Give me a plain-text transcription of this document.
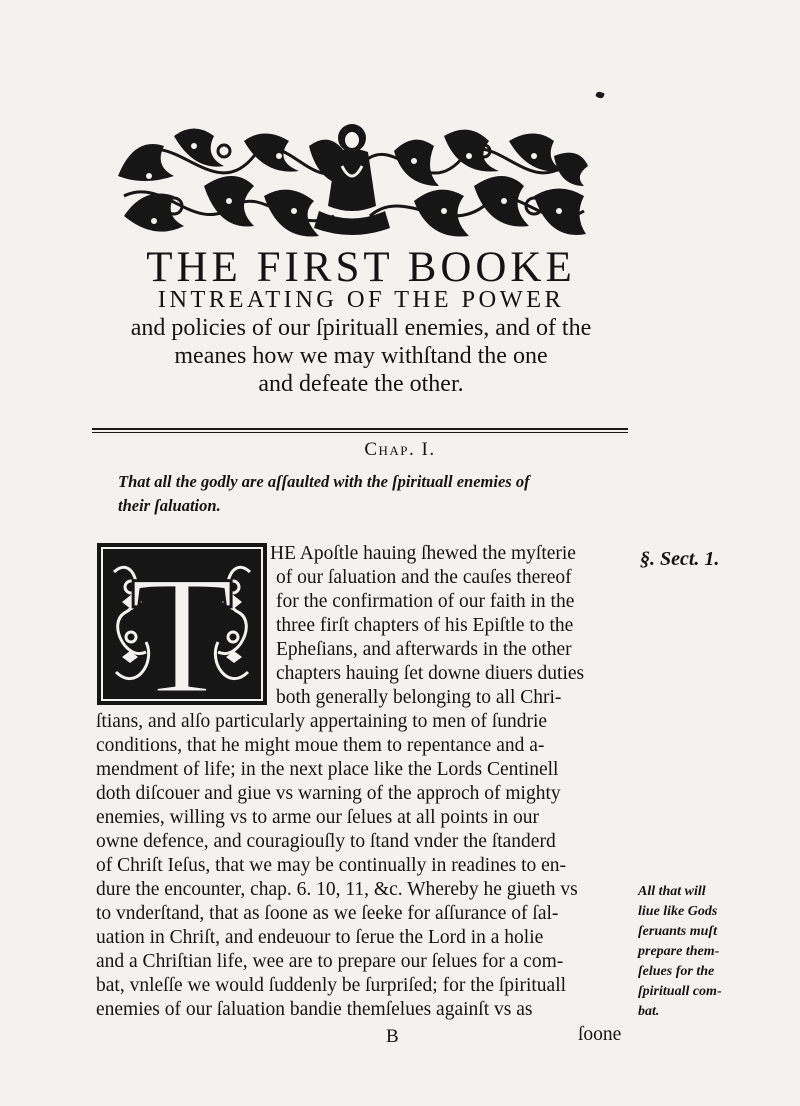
THE FIRST BOOKE
INTREATING OF THE POWER
and policies of our ſpirituall enemies, and of the
meanes how we may withſtand the one
and defeate the other.
Chap. I.
That all the godly are aſſaulted with the ſpirituall enemies of
their ſaluation.
T HE Apoſtle hauing ſhewed the myſterie
of our ſaluation and the cauſes thereof
for the confirmation of our faith in the
three firſt chapters of his Epiſtle to the
Epheſians, and afterwards in the other
chapters hauing ſet downe diuers duties
both generally belonging to all Chri-
ſtians, and alſo particularly appertaining to men of ſundrie
conditions, that he might moue them to repentance and a-
mendment of life; in the next place like the Lords Centinell
doth diſcouer and giue vs warning of the approch of mighty
enemies, willing vs to arme our ſelues at all points in our
owne defence, and couragiouſly to ſtand vnder the ſtanderd
of Chriſt Ieſus, that we may be continually in readines to en-
dure the encounter, chap. 6. 10, 11, &c. Whereby he giueth vs
to vnderſtand, that as ſoone as we ſeeke for aſſurance of ſal-
uation in Chriſt, and endeuour to ſerue the Lord in a holie
and a Chriſtian life, wee are to prepare our ſelues for a com-
bat, vnleſſe we would ſuddenly be ſurpriſed; for the ſpirituall
enemies of our ſaluation bandie themſelues againſt vs as
§. Sect. 1.
All that will
liue like Gods
ſeruants muſt
prepare them-
ſelues for the
ſpirituall com-
bat.
B	ſoone
